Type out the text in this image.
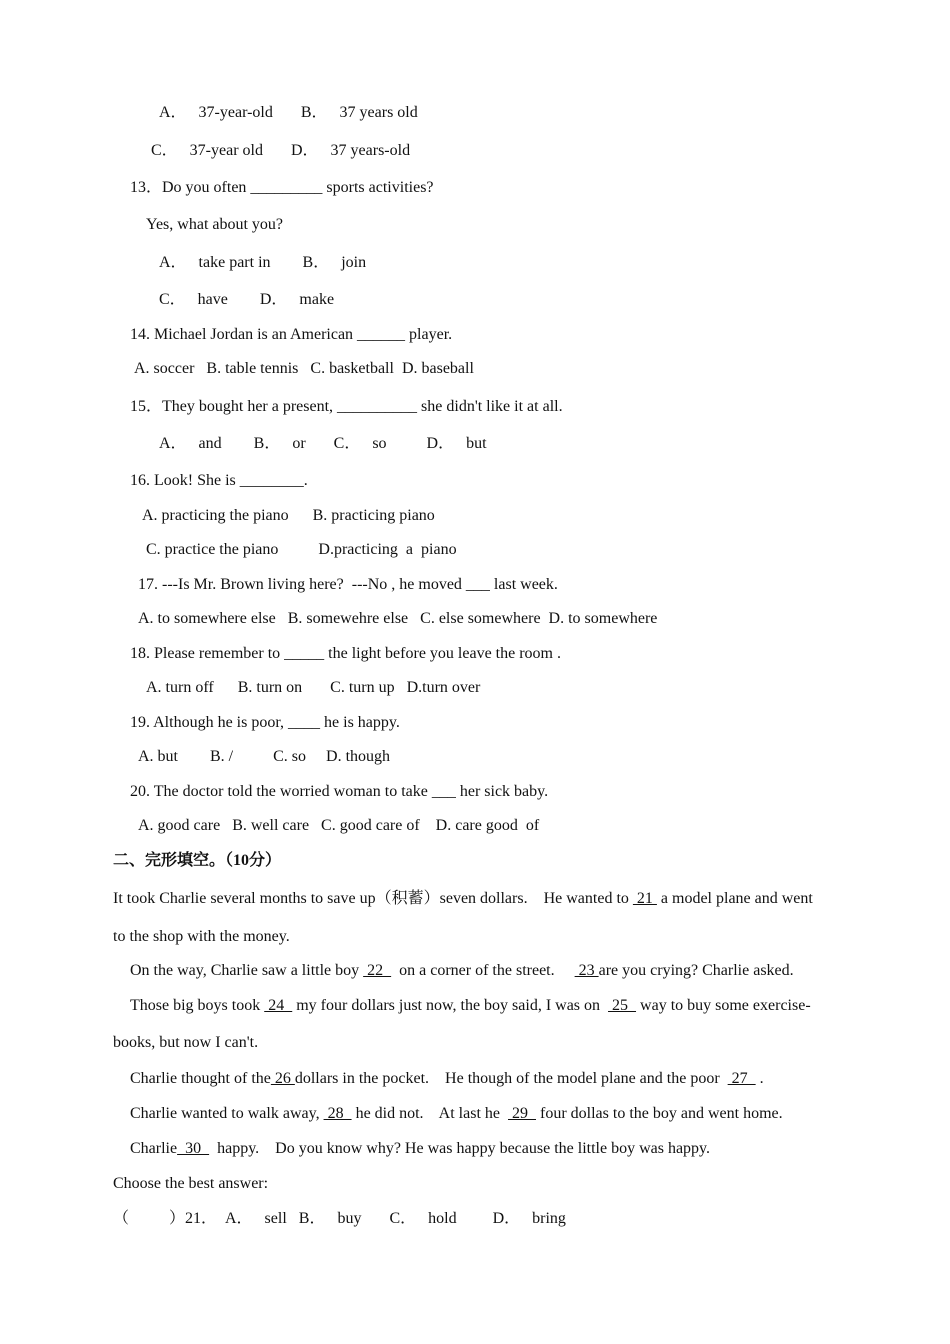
A．   37-year-old       B．   37 years old
C．   37-year old       D．   37 years-old
13．Do you often _________ sports activities?
Yes, what about you?
A．   take part in        B．   join
C．   have        D．   make
14. Michael Jordan is an American ______ player.
A. soccer   B. table tennis   C. basketball  D. baseball
15．They bought her a present, __________ she didn't like it at all.
A．   and        B．   or       C．   so          D．   but
16. Look! She is ________.
A. practicing the piano      B. practicing piano
C. practice the piano          D.practicing  a  piano
17. ---Is Mr. Brown living here?  ---No , he moved ___ last week.
A. to somewhere else   B. somewehre else   C. else somewhere  D. to somewhere
18. Please remember to _____ the light before you leave the room .
A. turn off      B. turn on       C. turn up   D.turn over
19. Although he is poor, ____ he is happy.
A. but        B. /          C. so     D. though
20. The doctor told the worried woman to take ___ her sick baby.
A. good care   B. well care   C. good care of    D. care good  of
二、完形填空。（10分）
It took Charlie several months to save up（积蓄）seven dollars.    He wanted to  21  a model plane and went
to the shop with the money.
On the way, Charlie saw a little boy  22    on a corner of the street.      23 are you crying? Charlie asked.
Those big boys took  24   my four dollars just now, the boy said, I was on   25   way to buy some exercise-
books, but now I can't.
Charlie thought of the 26 dollars in the pocket.    He though of the model plane and the poor   27   .
Charlie wanted to walk away,  28   he did not.    At last he   29   four dollas to the boy and went home.
Charlie  30    happy.    Do you know why? He was happy because the little boy was happy.
Choose the best answer:
（          ）21．  A．   sell   B．   buy       C．   hold         D．   bring
